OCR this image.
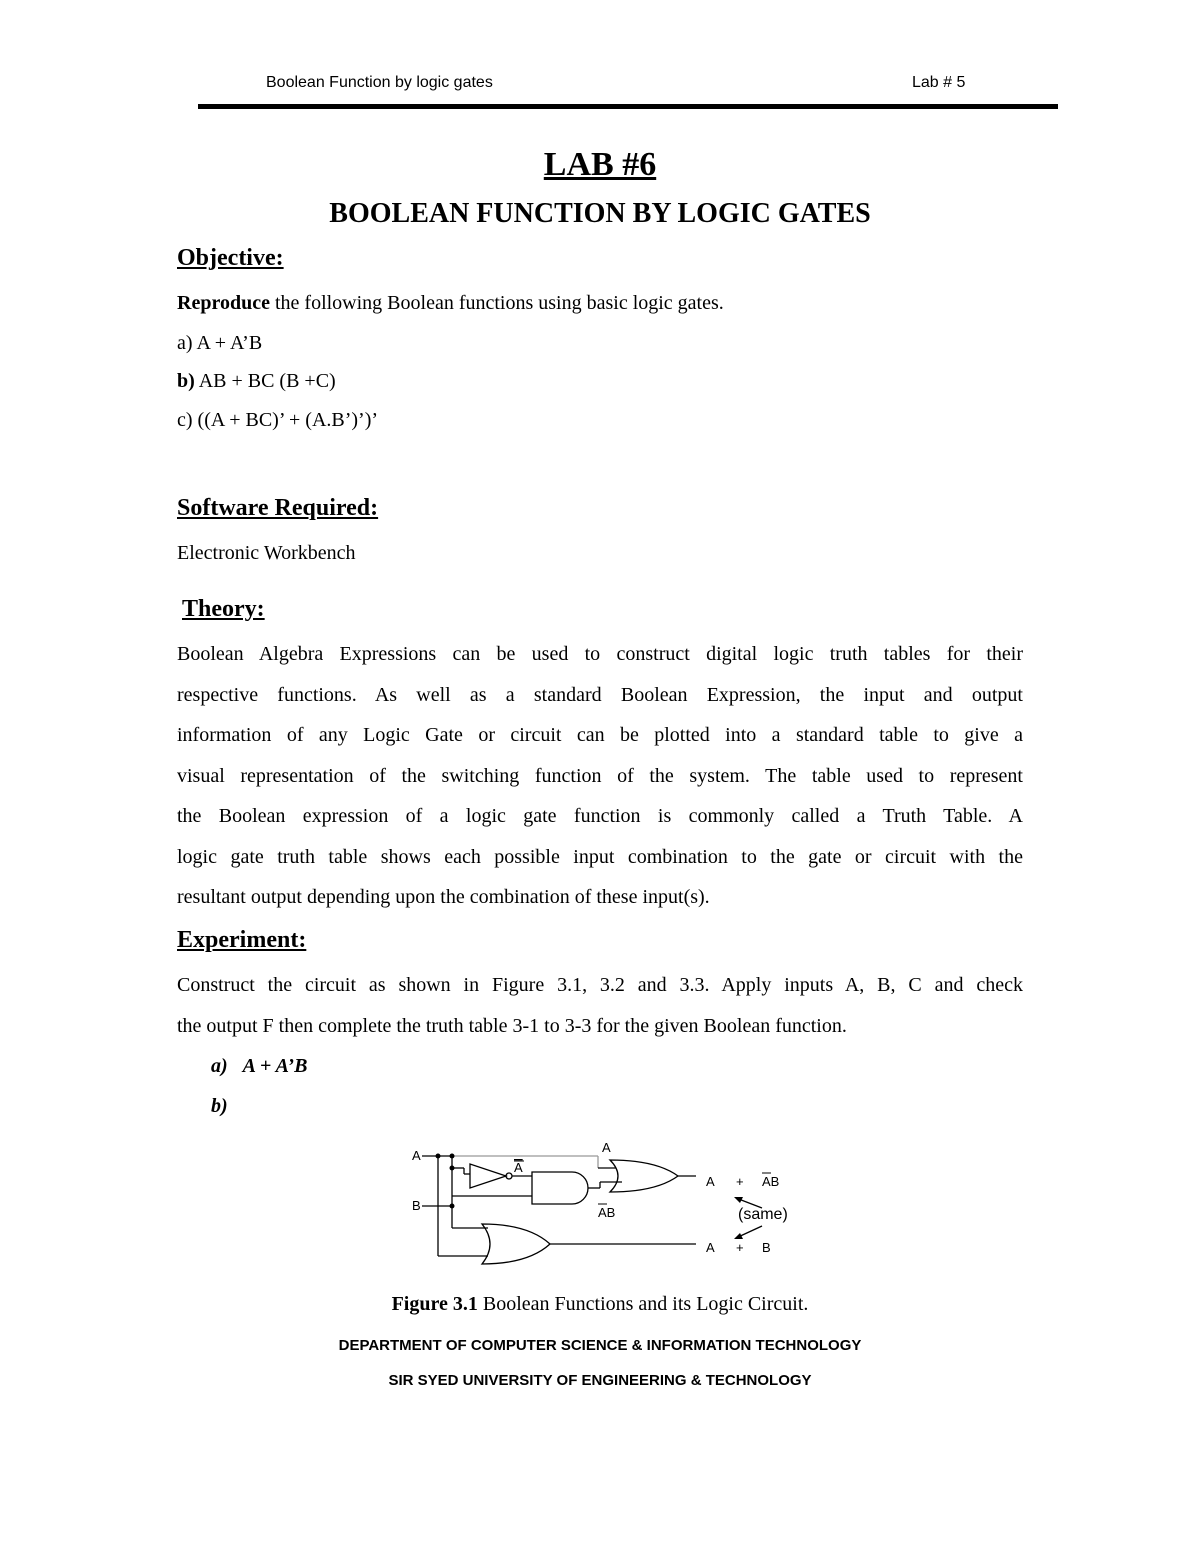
Boolean Function by logic gates	Lab # 5
LAB #6
BOOLEAN FUNCTION BY LOGIC GATES
Objective:
Reproduce the following Boolean functions using basic logic gates.
a) A + A’B
b) AB + BC (B +C)
c) ((A + BC)’ + (A.B’)’)’
Software Required:
Electronic Workbench
Theory:
Boolean Algebra Expressions can be used to construct digital logic truth tables for their
respective functions. As well as a standard Boolean Expression, the input and output
information of any Logic Gate or circuit can be plotted into a standard table to give a
visual representation of the switching function of the system. The table used to represent
the Boolean expression of a logic gate function is commonly called a Truth Table. A
logic gate truth table shows each possible input combination to the gate or circuit with the
resultant output depending upon the combination of these input(s).
Experiment:
Construct the circuit as shown in Figure 3.1, 3.2 and 3.3. Apply inputs A, B, C and check
the output F then complete the truth table 3-1 to 3-3 for the given Boolean function.
a) A + A’B
b)
A
B
A
A
AB
A + AB
(same)
A + B
Figure 3.1 Boolean Functions and its Logic Circuit.
DEPARTMENT OF COMPUTER SCIENCE & INFORMATION TECHNOLOGY
SIR SYED UNIVERSITY OF ENGINEERING & TECHNOLOGY
